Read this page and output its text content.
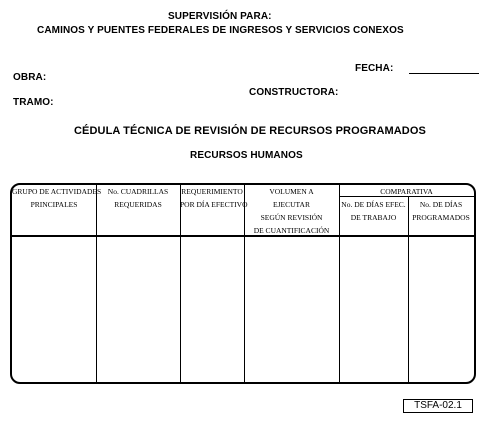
SUPERVISIÓN PARA:
CAMINOS Y PUENTES FEDERALES DE INGRESOS Y SERVICIOS CONEXOS
FECHA:
OBRA:
CONSTRUCTORA:
TRAMO:
CÉDULA TÉCNICA DE REVISIÓN DE RECURSOS PROGRAMADOS
RECURSOS HUMANOS
GRUPO DE ACTIVIDADES
PRINCIPALES
No. CUADRILLAS
REQUERIDAS
REQUERIMIENTO
POR DÍA EFECTIVO
VOLUMEN A
EJECUTAR
SEGÚN REVISIÓN
DE CUANTIFICACIÓN
COMPARATIVA
No. DE DÍAS EFEC.
DE TRABAJO
No. DE DÍAS
PROGRAMADOS
TSFA-02.1
